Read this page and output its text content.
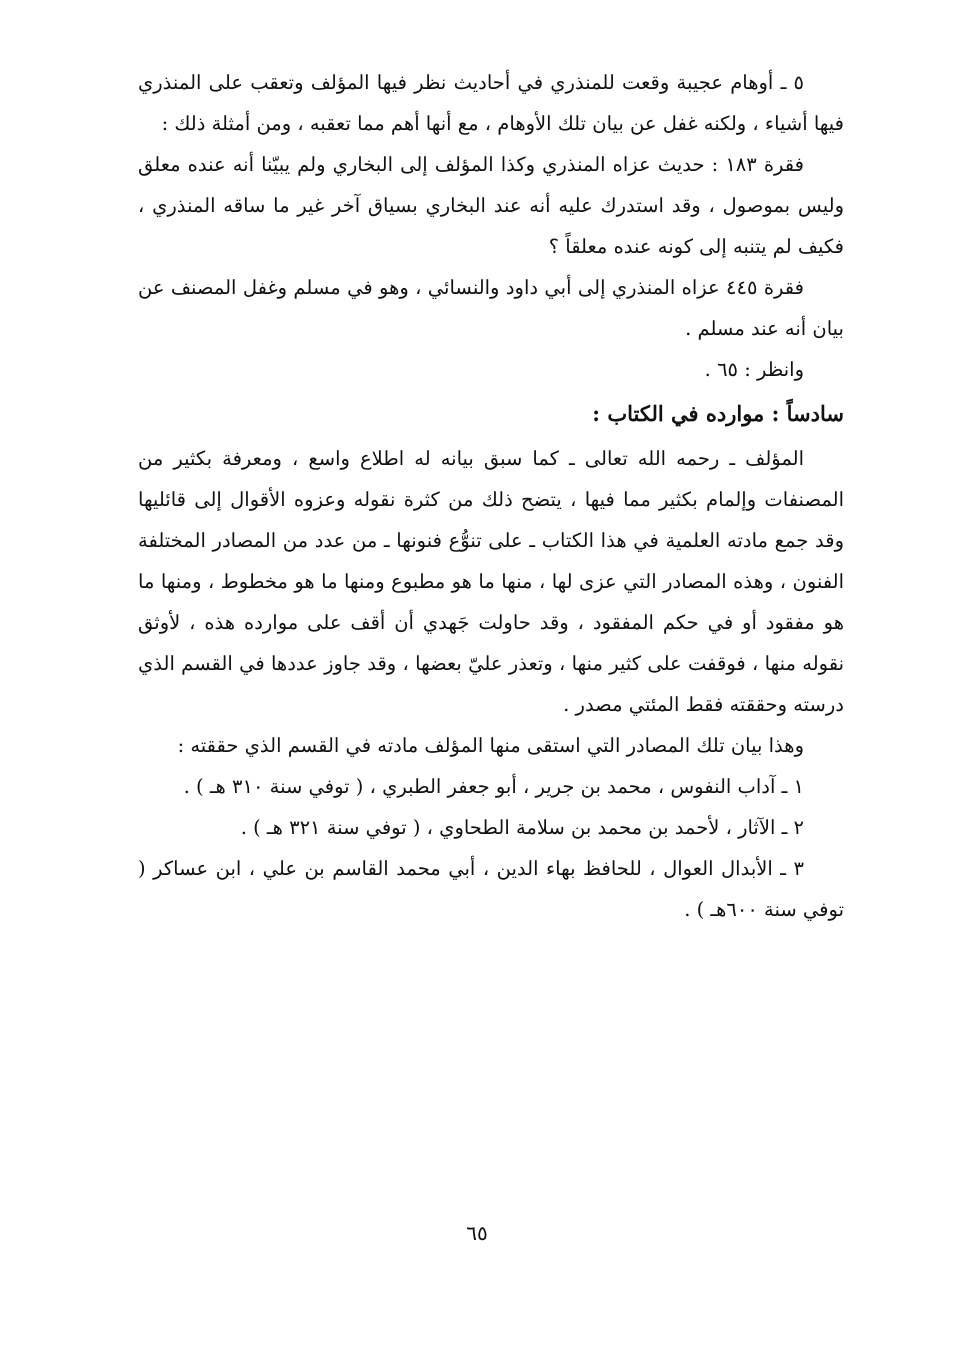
٥ ـ أوهام عجيبة وقعت للمنذري في أحاديث نظر فيها المؤلف وتعقب على المنذري فيها أشياء ، ولكنه غفل عن بيان تلك الأوهام ، مع أنها أهم مما تعقبه ، ومن أمثلة ذلك :

فقرة ١٨٣ : حديث عزاه المنذري وكذا المؤلف إلى البخاري ولم يبيّنا أنه عنده معلق وليس بموصول ، وقد استدرك عليه أنه عند البخاري بسياق آخر غير ما ساقه المنذري ، فكيف لم يتنبه إلى كونه عنده معلقاً ؟

فقرة ٤٤٥ عزاه المنذري إلى أبي داود والنسائي ، وهو في مسلم وغفل المصنف عن بيان أنه عند مسلم .

وانظر : ٦٥ .

سادساً : موارده في الكتاب :

المؤلف ـ رحمه الله تعالى ـ كما سبق بيانه له اطلاع واسع ، ومعرفة بكثير من المصنفات وإلمام بكثير مما فيها ، يتضح ذلك من كثرة نقوله وعزوه الأقوال إلى قائليها وقد جمع مادته العلمية في هذا الكتاب ـ على تنوُّع فنونها ـ من عدد من المصادر المختلفة الفنون ، وهذه المصادر التي عزى لها ، منها ما هو مطبوع ومنها ما هو مخطوط ، ومنها ما هو مفقود أو في حكم المفقود ، وقد حاولت جَهدي أن أقف على موارده هذه ، لأوثق نقوله منها ، فوقفت على كثير منها ، وتعذر عليّ بعضها ، وقد جاوز عددها في القسم الذي درسته وحققته فقط المئتي مصدر .

وهذا بيان تلك المصادر التي استقى منها المؤلف مادته في القسم الذي حققته :

١ ـ آداب النفوس ، محمد بن جرير ، أبو جعفر الطبري ، ( توفي سنة ٣١٠ هـ ) .

٢ ـ الآثار ، لأحمد بن محمد بن سلامة الطحاوي ، ( توفي سنة ٣٢١ هـ ) .

٣ ـ الأبدال العوال ، للحافظ بهاء الدين ، أبي محمد القاسم بن علي ، ابن عساكر ( توفي سنة ٦٠٠هـ ) .

٦٥
